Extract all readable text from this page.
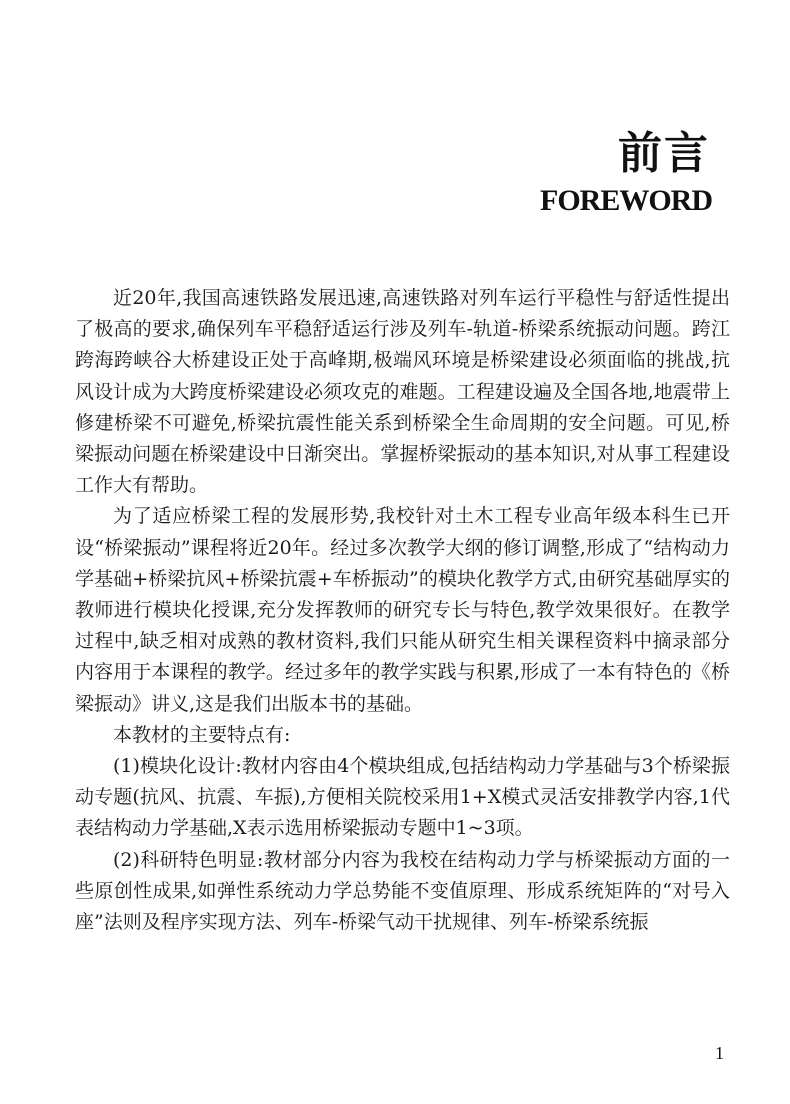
前言
FOREWORD

近20年,我国高速铁路发展迅速,高速铁路对列车运行平稳性与舒适性提出了极高的要求,确保列车平稳舒适运行涉及列车-轨道-桥梁系统振动问题。跨江跨海跨峡谷大桥建设正处于高峰期,极端风环境是桥梁建设必须面临的挑战,抗风设计成为大跨度桥梁建设必须攻克的难题。工程建设遍及全国各地,地震带上修建桥梁不可避免,桥梁抗震性能关系到桥梁全生命周期的安全问题。可见,桥梁振动问题在桥梁建设中日渐突出。掌握桥梁振动的基本知识,对从事工程建设工作大有帮助。

为了适应桥梁工程的发展形势,我校针对土木工程专业高年级本科生已开设“桥梁振动”课程将近20年。经过多次教学大纲的修订调整,形成了“结构动力学基础+桥梁抗风+桥梁抗震+车桥振动”的模块化教学方式,由研究基础厚实的教师进行模块化授课,充分发挥教师的研究专长与特色,教学效果很好。在教学过程中,缺乏相对成熟的教材资料,我们只能从研究生相关课程资料中摘录部分内容用于本课程的教学。经过多年的教学实践与积累,形成了一本有特色的《桥梁振动》讲义,这是我们出版本书的基础。

本教材的主要特点有:

(1)模块化设计:教材内容由4个模块组成,包括结构动力学基础与3个桥梁振动专题(抗风、抗震、车振),方便相关院校采用1+X模式灵活安排教学内容,1代表结构动力学基础,X表示选用桥梁振动专题中1~3项。

(2)科研特色明显:教材部分内容为我校在结构动力学与桥梁振动方面的一些原创性成果,如弹性系统动力学总势能不变值原理、形成系统矩阵的“对号入座”法则及程序实现方法、列车-桥梁气动干扰规律、列车-桥梁系统振

1
